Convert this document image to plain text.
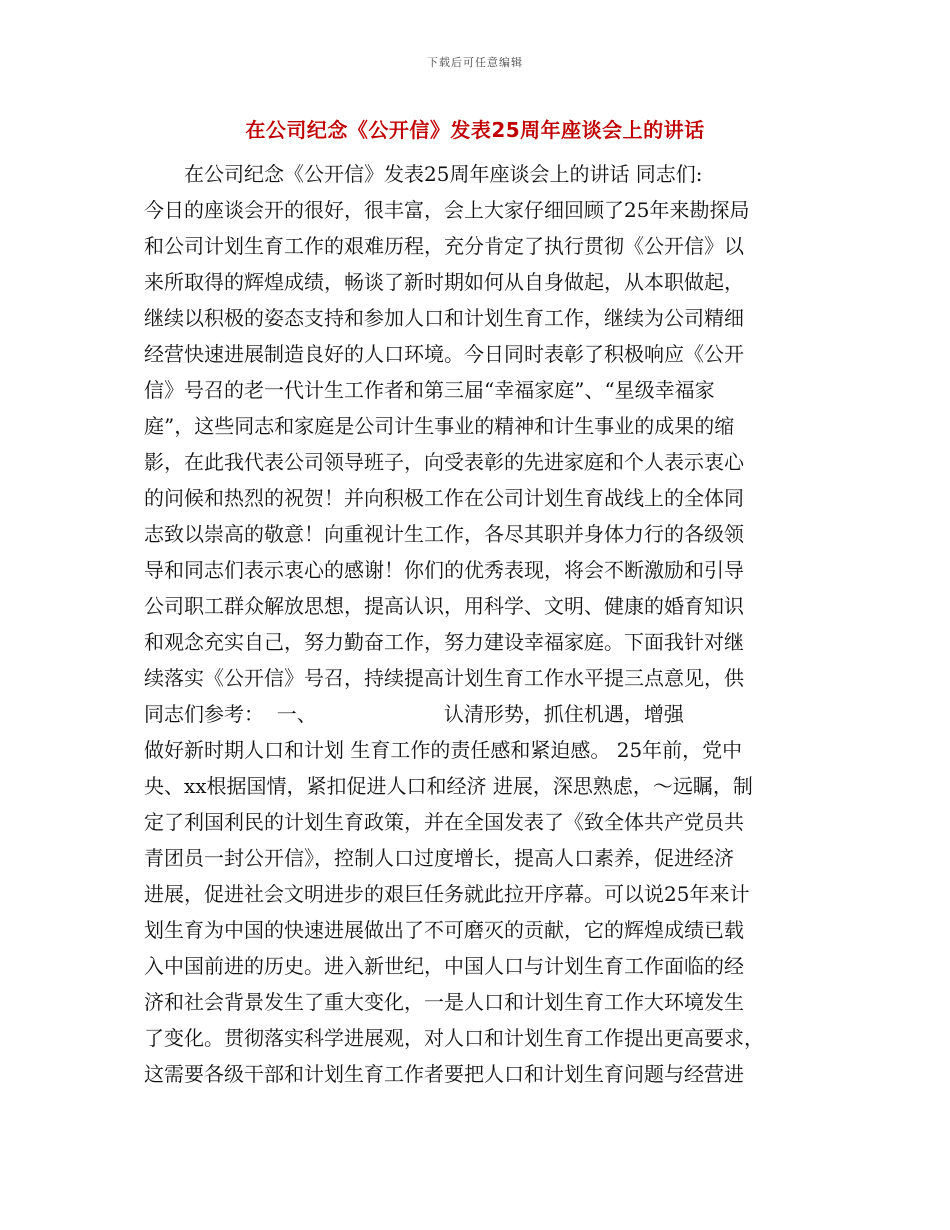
下载后可任意编辑
在公司纪念《公开信》发表25周年座谈会上的讲话
在公司纪念《公开信》发表25周年座谈会上的讲话 同志们:
今日的座谈会开的很好，很丰富，会上大家仔细回顾了25年来勘探局
和公司计划生育工作的艰难历程，充分肯定了执行贯彻《公开信》以
来所取得的辉煌成绩，畅谈了新时期如何从自身做起，从本职做起，
继续以积极的姿态支持和参加人口和计划生育工作，继续为公司精细
经营快速进展制造良好的人口环境。今日同时表彰了积极响应《公开
信》号召的老一代计生工作者和第三届“幸福家庭”、“星级幸福家
庭”，这些同志和家庭是公司计生事业的精神和计生事业的成果的缩
影，在此我代表公司领导班子，向受表彰的先进家庭和个人表示衷心
的问候和热烈的祝贺！并向积极工作在公司计划生育战线上的全体同
志致以崇高的敬意！向重视计生工作，各尽其职并身体力行的各级领
导和同志们表示衷心的感谢！你们的优秀表现，将会不断激励和引导
公司职工群众解放思想，提高认识，用科学、文明、健康的婚育知识
和观念充实自己，努力勤奋工作，努力建设幸福家庭。下面我针对继
续落实《公开信》号召，持续提高计划生育工作水平提三点意见，供
同志们参考：  一、                    认清形势，抓住机遇，增强
做好新时期人口和计划 生育工作的责任感和紧迫感。 25年前，党中
央、xx根据国情，紧扣促进人口和经济 进展，深思熟虑，～远瞩，制
定了利国利民的计划生育政策，并在全国发表了《致全体共产党员共
青团员一封公开信》，控制人口过度增长，提高人口素养，促进经济
进展，促进社会文明进步的艰巨任务就此拉开序幕。可以说25年来计
划生育为中国的快速进展做出了不可磨灭的贡献，它的辉煌成绩已载
入中国前进的历史。进入新世纪，中国人口与计划生育工作面临的经
济和社会背景发生了重大变化，一是人口和计划生育工作大环境发生
了变化。贯彻落实科学进展观，对人口和计划生育工作提出更高要求，
这需要各级干部和计划生育工作者要把人口和计划生育问题与经营进
